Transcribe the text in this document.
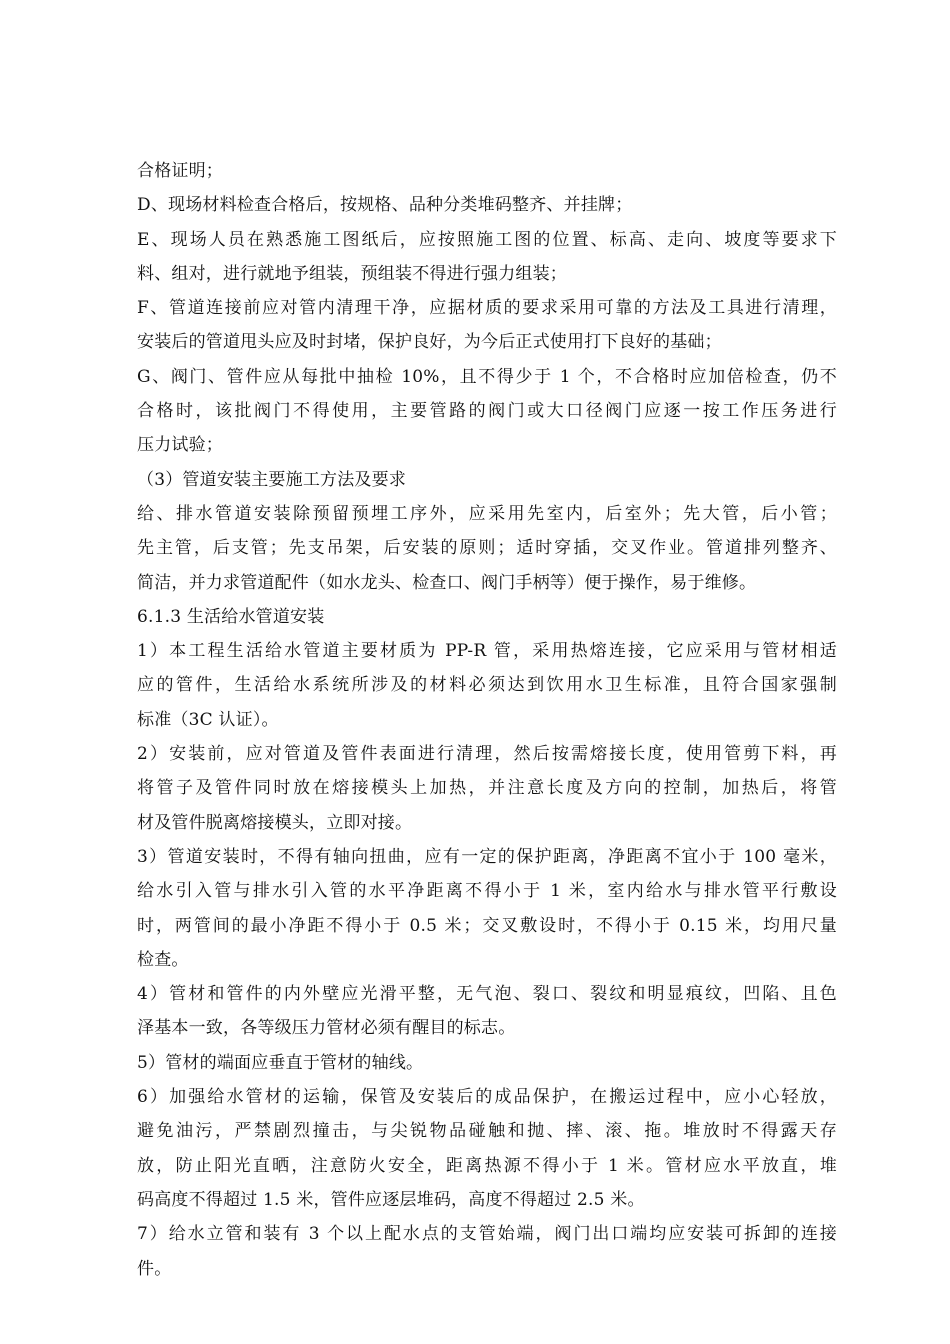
合格证明；
D、现场材料检查合格后，按规格、品种分类堆码整齐、并挂牌；
E、现场人员在熟悉施工图纸后，应按照施工图的位置、标高、走向、坡度等要求下
料、组对，进行就地予组装，预组装不得进行强力组装；
F、管道连接前应对管内清理干净，应据材质的要求采用可靠的方法及工具进行清理，
安装后的管道甩头应及时封堵，保护良好，为今后正式使用打下良好的基础；
G、阀门、管件应从每批中抽检 10%，且不得少于 1 个，不合格时应加倍检查，仍不
合格时，该批阀门不得使用，主要管路的阀门或大口径阀门应逐一按工作压务进行
压力试验；
（3）管道安装主要施工方法及要求
给、排水管道安装除预留预埋工序外，应采用先室内，后室外；先大管，后小管；
先主管，后支管；先支吊架，后安装的原则；适时穿插，交叉作业。管道排列整齐、
简洁，并力求管道配件（如水龙头、检查口、阀门手柄等）便于操作，易于维修。
6.1.3 生活给水管道安装
1）本工程生活给水管道主要材质为 PP-R 管，采用热熔连接，它应采用与管材相适
应的管件，生活给水系统所涉及的材料必须达到饮用水卫生标准，且符合国家强制
标准（3C 认证）。
2）安装前，应对管道及管件表面进行清理，然后按需熔接长度，使用管剪下料，再
将管子及管件同时放在熔接模头上加热，并注意长度及方向的控制，加热后，将管
材及管件脱离熔接模头，立即对接。
3）管道安装时，不得有轴向扭曲，应有一定的保护距离，净距离不宜小于 100 毫米，
给水引入管与排水引入管的水平净距离不得小于 1 米，室内给水与排水管平行敷设
时，两管间的最小净距不得小于 0.5 米；交叉敷设时，不得小于 0.15 米，均用尺量
检查。
4）管材和管件的内外壁应光滑平整，无气泡、裂口、裂纹和明显痕纹，凹陷、且色
泽基本一致，各等级压力管材必须有醒目的标志。
5）管材的端面应垂直于管材的轴线。
6）加强给水管材的运输，保管及安装后的成品保护，在搬运过程中，应小心轻放，
避免油污，严禁剧烈撞击，与尖锐物品碰触和抛、摔、滚、拖。堆放时不得露天存
放，防止阳光直晒，注意防火安全，距离热源不得小于 1 米。管材应水平放直，堆
码高度不得超过 1.5 米，管件应逐层堆码，高度不得超过 2.5 米。
7）给水立管和装有 3 个以上配水点的支管始端，阀门出口端均应安装可拆卸的连接
件。
